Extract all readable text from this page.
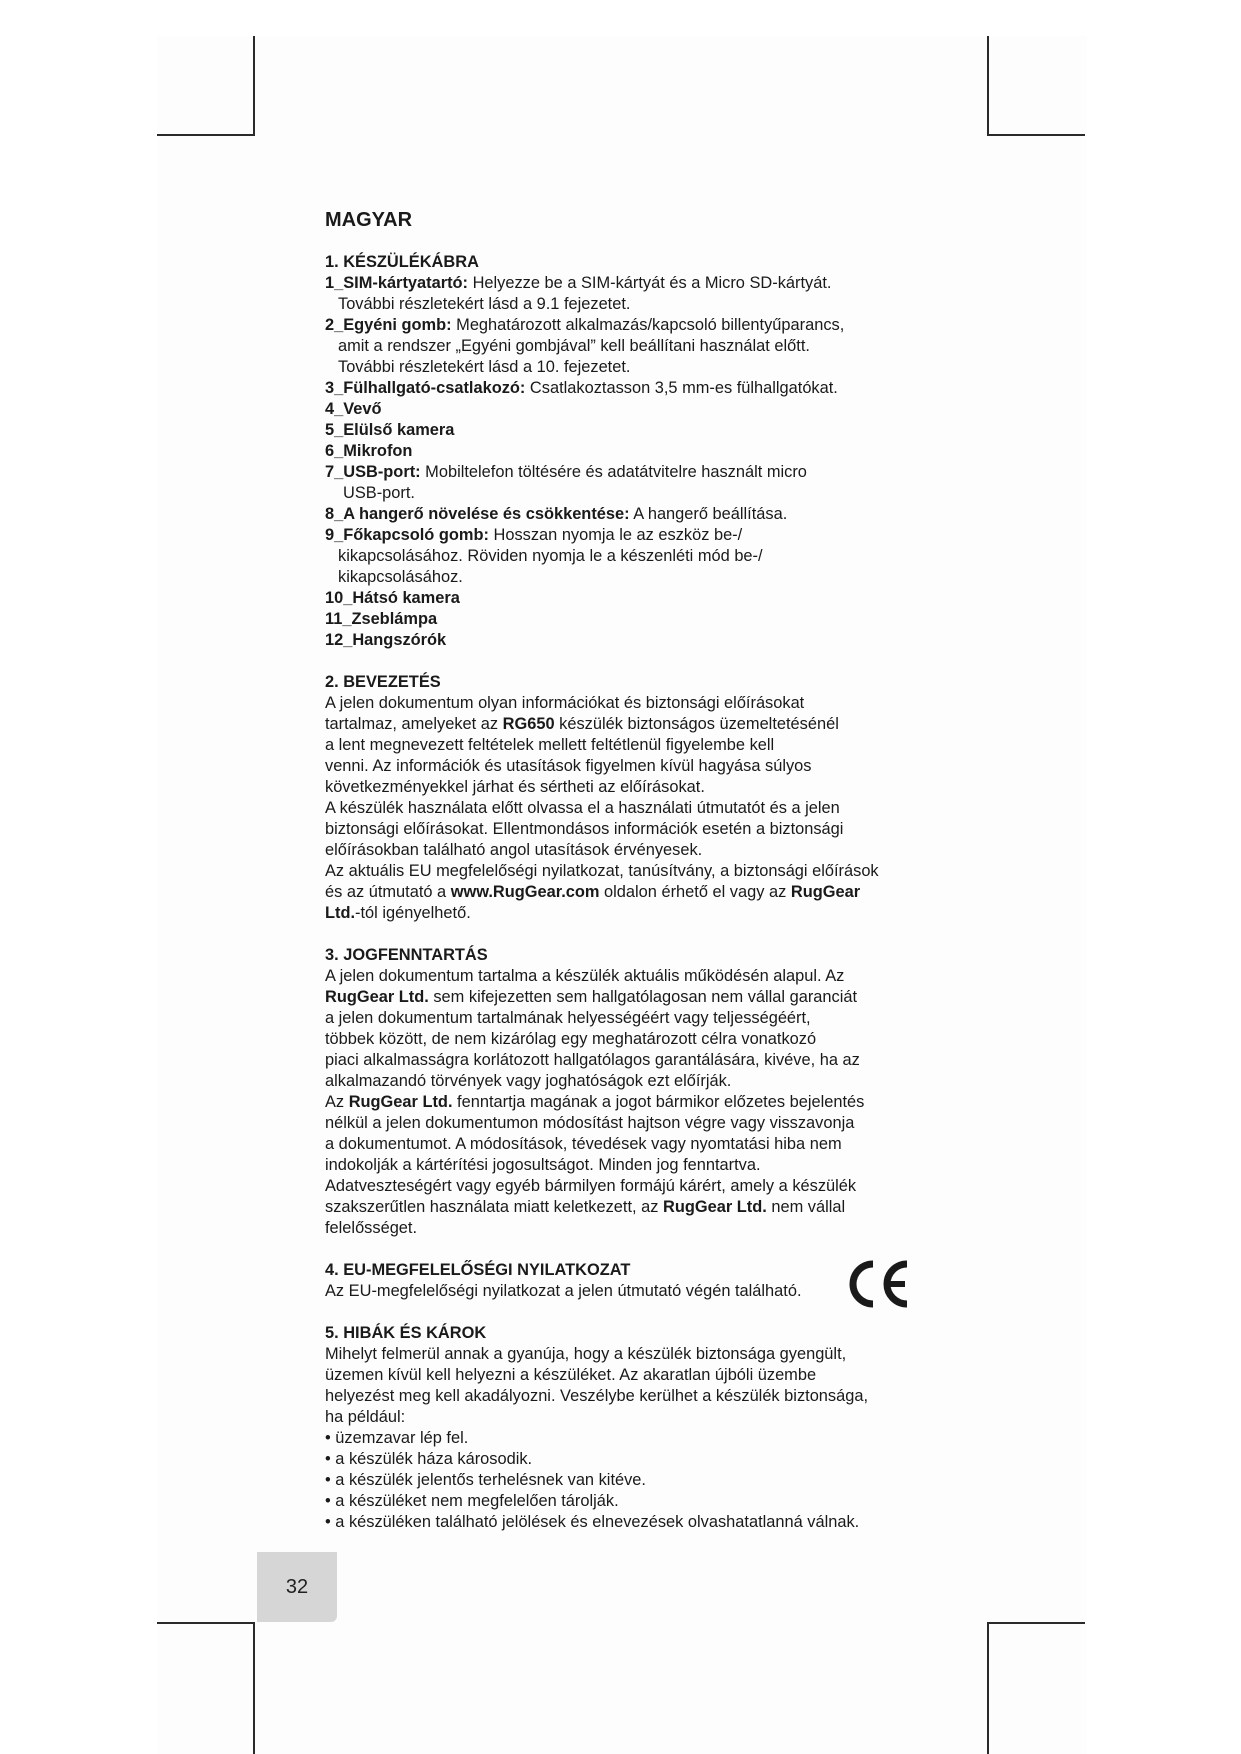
MAGYAR
1. KÉSZÜLÉKÁBRA

1_SIM-kártyatartó: Helyezze be a SIM-kártyát és a Micro SD-kártyát.

További részletekért lásd a 9.1 fejezetet.

2_Egyéni gomb: Meghatározott alkalmazás/kapcsoló billentyűparancs,

amit a rendszer „Egyéni gombjával” kell beállítani használat előtt.

További részletekért lásd a 10. fejezetet.

3_Fülhallgató-csatlakozó: Csatlakoztasson 3,5 mm-es fülhallgatókat.

4_Vevő

5_Elülső kamera

6_Mikrofon

7_USB-port: Mobiltelefon töltésére és adatátvitelre használt micro

USB-port.

8_A hangerő növelése és csökkentése: A hangerő beállítása.

9_Főkapcsoló gomb: Hosszan nyomja le az eszköz be-/

kikapcsolásához. Röviden nyomja le a készenléti mód be-/

kikapcsolásához.

10_Hátsó kamera

11_Zseblámpa

12_Hangszórók

2. BEVEZETÉS

A jelen dokumentum olyan információkat és biztonsági előírásokat

tartalmaz, amelyeket az RG650 készülék biztonságos üzemeltetésénél

a lent megnevezett feltételek mellett feltétlenül figyelembe kell

venni. Az információk és utasítások figyelmen kívül hagyása súlyos

következményekkel járhat és sértheti az előírásokat.

A készülék használata előtt olvassa el a használati útmutatót és a jelen

biztonsági előírásokat. Ellentmondásos információk esetén a biztonsági

előírásokban található angol utasítások érvényesek.

Az aktuális EU megfelelőségi nyilatkozat, tanúsítvány, a biztonsági előírások

és az útmutató a www.RugGear.com oldalon érhető el vagy az RugGear

Ltd.-tól igényelhető.

3. JOGFENNTARTÁS

A jelen dokumentum tartalma a készülék aktuális működésén alapul. Az

RugGear Ltd. sem kifejezetten sem hallgatólagosan nem vállal garanciát

a jelen dokumentum tartalmának helyességéért vagy teljességéért,

többek között, de nem kizárólag egy meghatározott célra vonatkozó

piaci alkalmasságra korlátozott hallgatólagos garantálására, kivéve, ha az

alkalmazandó törvények vagy joghatóságok ezt előírják.

Az RugGear Ltd. fenntartja magának a jogot bármikor előzetes bejelentés

nélkül a jelen dokumentumon módosítást hajtson végre vagy visszavonja

a dokumentumot. A módosítások, tévedések vagy nyomtatási hiba nem

indokolják a kártérítési jogosultságot. Minden jog fenntartva.

Adatveszteségért vagy egyéb bármilyen formájú kárért, amely a készülék

szakszerűtlen használata miatt keletkezett, az RugGear Ltd. nem vállal

felelősséget.

4. EU-MEGFELELŐSÉGI NYILATKOZAT

Az EU-megfelelőségi nyilatkozat a jelen útmutató végén található.

5. HIBÁK ÉS KÁROK

Mihelyt felmerül annak a gyanúja, hogy a készülék biztonsága gyengült,

üzemen kívül kell helyezni a készüléket. Az akaratlan újbóli üzembe

helyezést meg kell akadályozni. Veszélybe kerülhet a készülék biztonsága,

ha például:

• üzemzavar lép fel.

• a készülék háza károsodik.

• a készülék jelentős terhelésnek van kitéve.

• a készüléket nem megfelelően tárolják.

• a készüléken található jelölések és elnevezések olvashatatlanná válnak.

32
